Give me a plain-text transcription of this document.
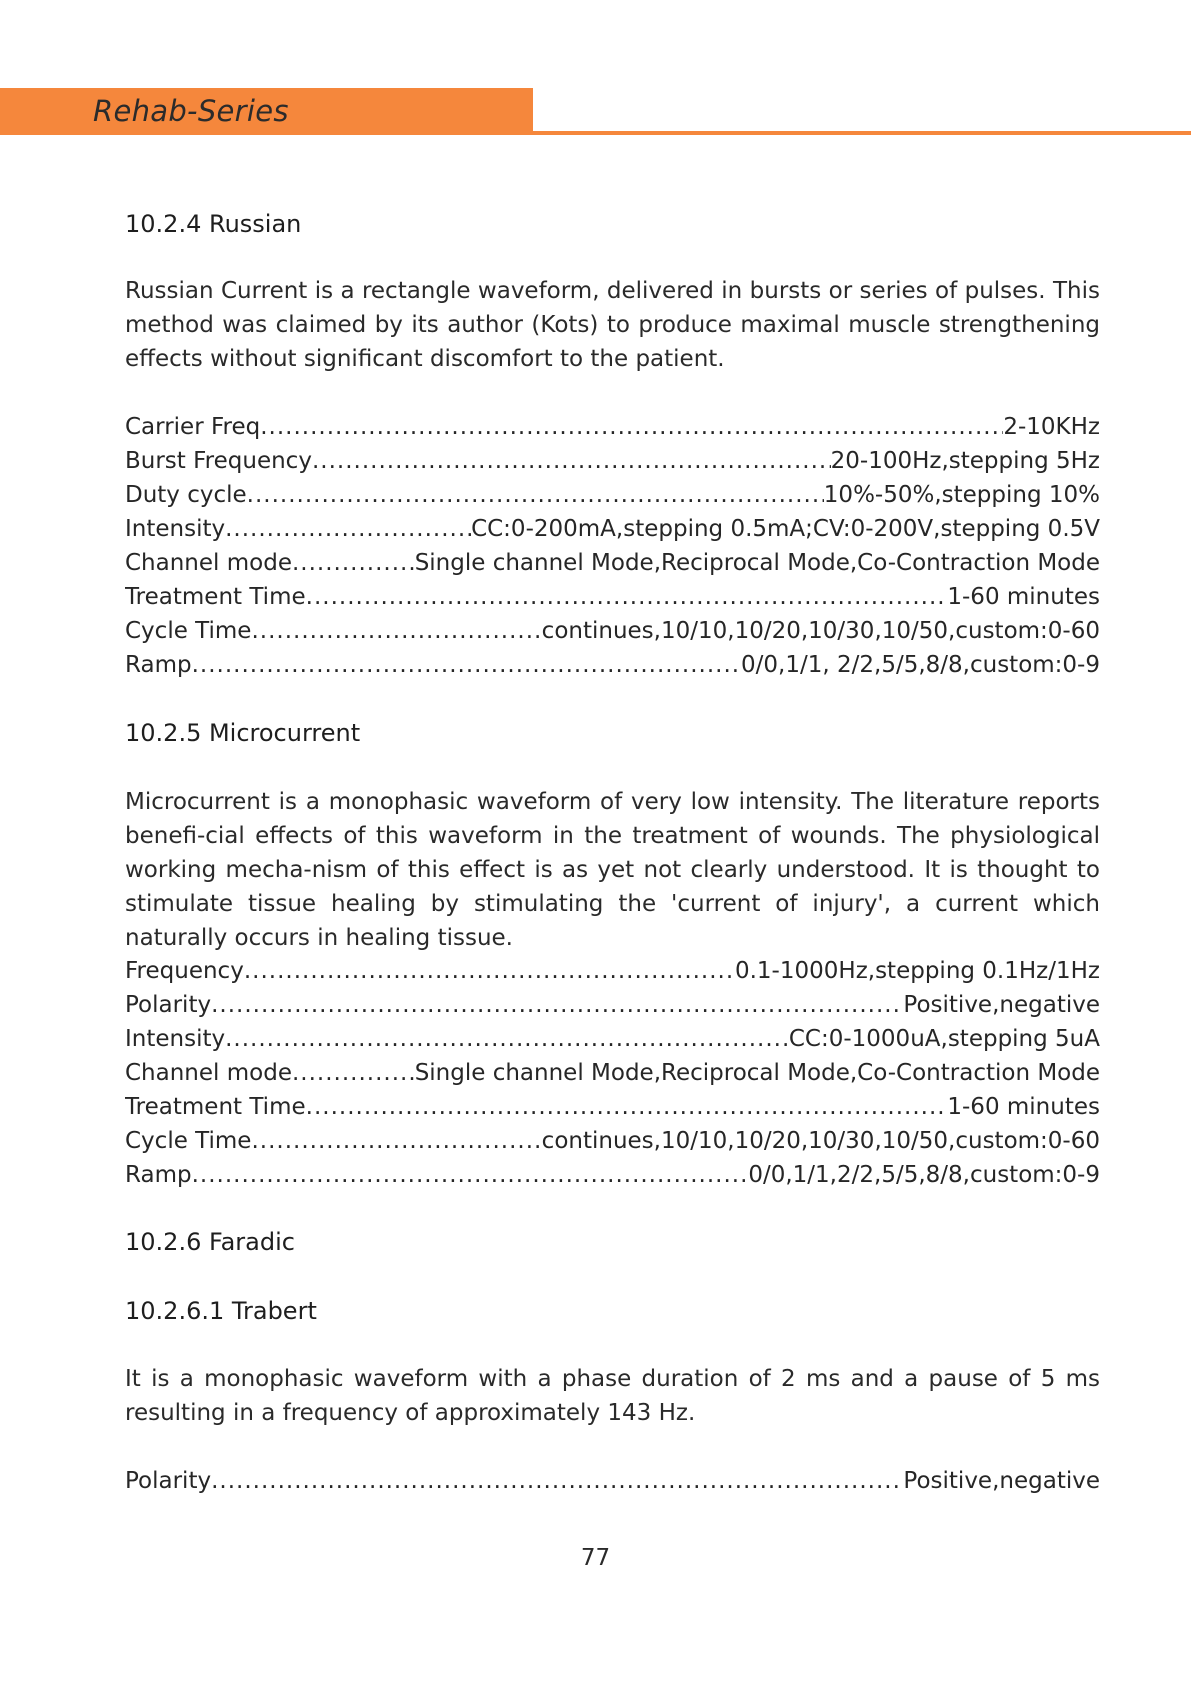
Rehab-Series
10.2.4 Russian

Russian Current is a rectangle waveform, delivered in bursts or series of pulses. This method was claimed by its author (Kots) to produce maximal muscle strengthening effects without significant discomfort to the patient.

Carrier Freq .....	2-10KHz
Burst Frequency .....	20-100Hz,stepping 5Hz
Duty cycle .....	10%-50%,stepping 10%
Intensity .....	CC:0-200mA,stepping 0.5mA;CV:0-200V,stepping 0.5V
Channel mode .....	Single channel Mode,Reciprocal Mode,Co-Contraction Mode
Treatment Time .....	1-60 minutes
Cycle Time .....	continues,10/10,10/20,10/30,10/50,custom:0-60
Ramp .....	0/0,1/1, 2/2,5/5,8/8,custom:0-9
10.2.5 Microcurrent

Microcurrent is a monophasic waveform of very low intensity. The literature reports benefi-cial effects of this waveform in the treatment of wounds. The physiological working mecha-nism of this effect is as yet not clearly understood. It is thought to stimulate tissue healing by stimulating the 'current of injury', a current which naturally occurs in healing tissue.

Frequency .....	0.1-1000Hz,stepping 0.1Hz/1Hz
Polarity .....	Positive,negative
Intensity .....	CC:0-1000uA,stepping 5uA
Channel mode .....	Single channel Mode,Reciprocal Mode,Co-Contraction Mode
Treatment Time .....	1-60 minutes
Cycle Time .....	continues,10/10,10/20,10/30,10/50,custom:0-60
Ramp .....	0/0,1/1,2/2,5/5,8/8,custom:0-9
10.2.6 Faradic
10.2.6.1 Trabert

It is a monophasic waveform with a phase duration of 2 ms and a pause of 5 ms resulting in a frequency of approximately 143 Hz.

Polarity .....	Positive,negative
77
